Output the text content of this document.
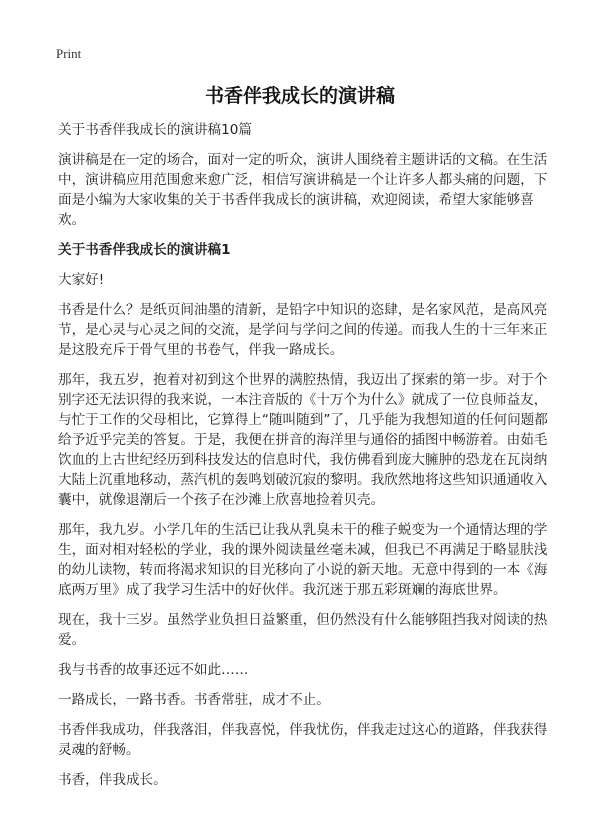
Print
书香伴我成长的演讲稿

关于书香伴我成长的演讲稿10篇

演讲稿是在一定的场合，面对一定的听众，演讲人围绕着主题讲话的文稿。在生活中，演讲稿应用范围愈来愈广泛，相信写演讲稿是一个让许多人都头痛的问题，下面是小编为大家收集的关于书香伴我成长的演讲稿，欢迎阅读，希望大家能够喜欢。

关于书香伴我成长的演讲稿1

大家好!

书香是什么？是纸页间油墨的清新，是铅字中知识的恣肆，是名家风范，是高风亮节，是心灵与心灵之间的交流，是学问与学问之间的传递。而我人生的十三年来正是这股充斥于骨气里的书卷气，伴我一路成长。

那年，我五岁，抱着对初到这个世界的满腔热情，我迈出了探索的第一步。对于个别字还无法识得的我来说，一本注音版的《十万个为什么》就成了一位良师益友，与忙于工作的父母相比，它算得上“随叫随到”了，几乎能为我想知道的任何问题都给予近乎完美的答复。于是，我便在拼音的海洋里与通俗的插图中畅游着。由茹毛饮血的上古世纪经历到科技发达的信息时代，我仿佛看到庞大臃肿的恐龙在瓦岗纳大陆上沉重地移动，蒸汽机的轰鸣划破沉寂的黎明。我欣然地将这些知识通通收入囊中，就像退潮后一个孩子在沙滩上欣喜地捡着贝壳。

那年，我九岁。小学几年的生活已让我从乳臭未干的稚子蜕变为一个通情达理的学生，面对相对轻松的学业，我的课外阅读量丝毫未减，但我已不再满足于略显肤浅的幼儿读物，转而将渴求知识的目光移向了小说的新天地。无意中得到的一本《海底两万里》成了我学习生活中的好伙伴。我沉迷于那五彩斑斓的海底世界。

现在，我十三岁。虽然学业负担日益繁重，但仍然没有什么能够阻挡我对阅读的热爱。

我与书香的故事还远不如此……

一路成长，一路书香。书香常驻，成才不止。

书香伴我成功，伴我落泪，伴我喜悦，伴我忧伤，伴我走过这心的道路，伴我获得灵魂的舒畅。

书香，伴我成长。
